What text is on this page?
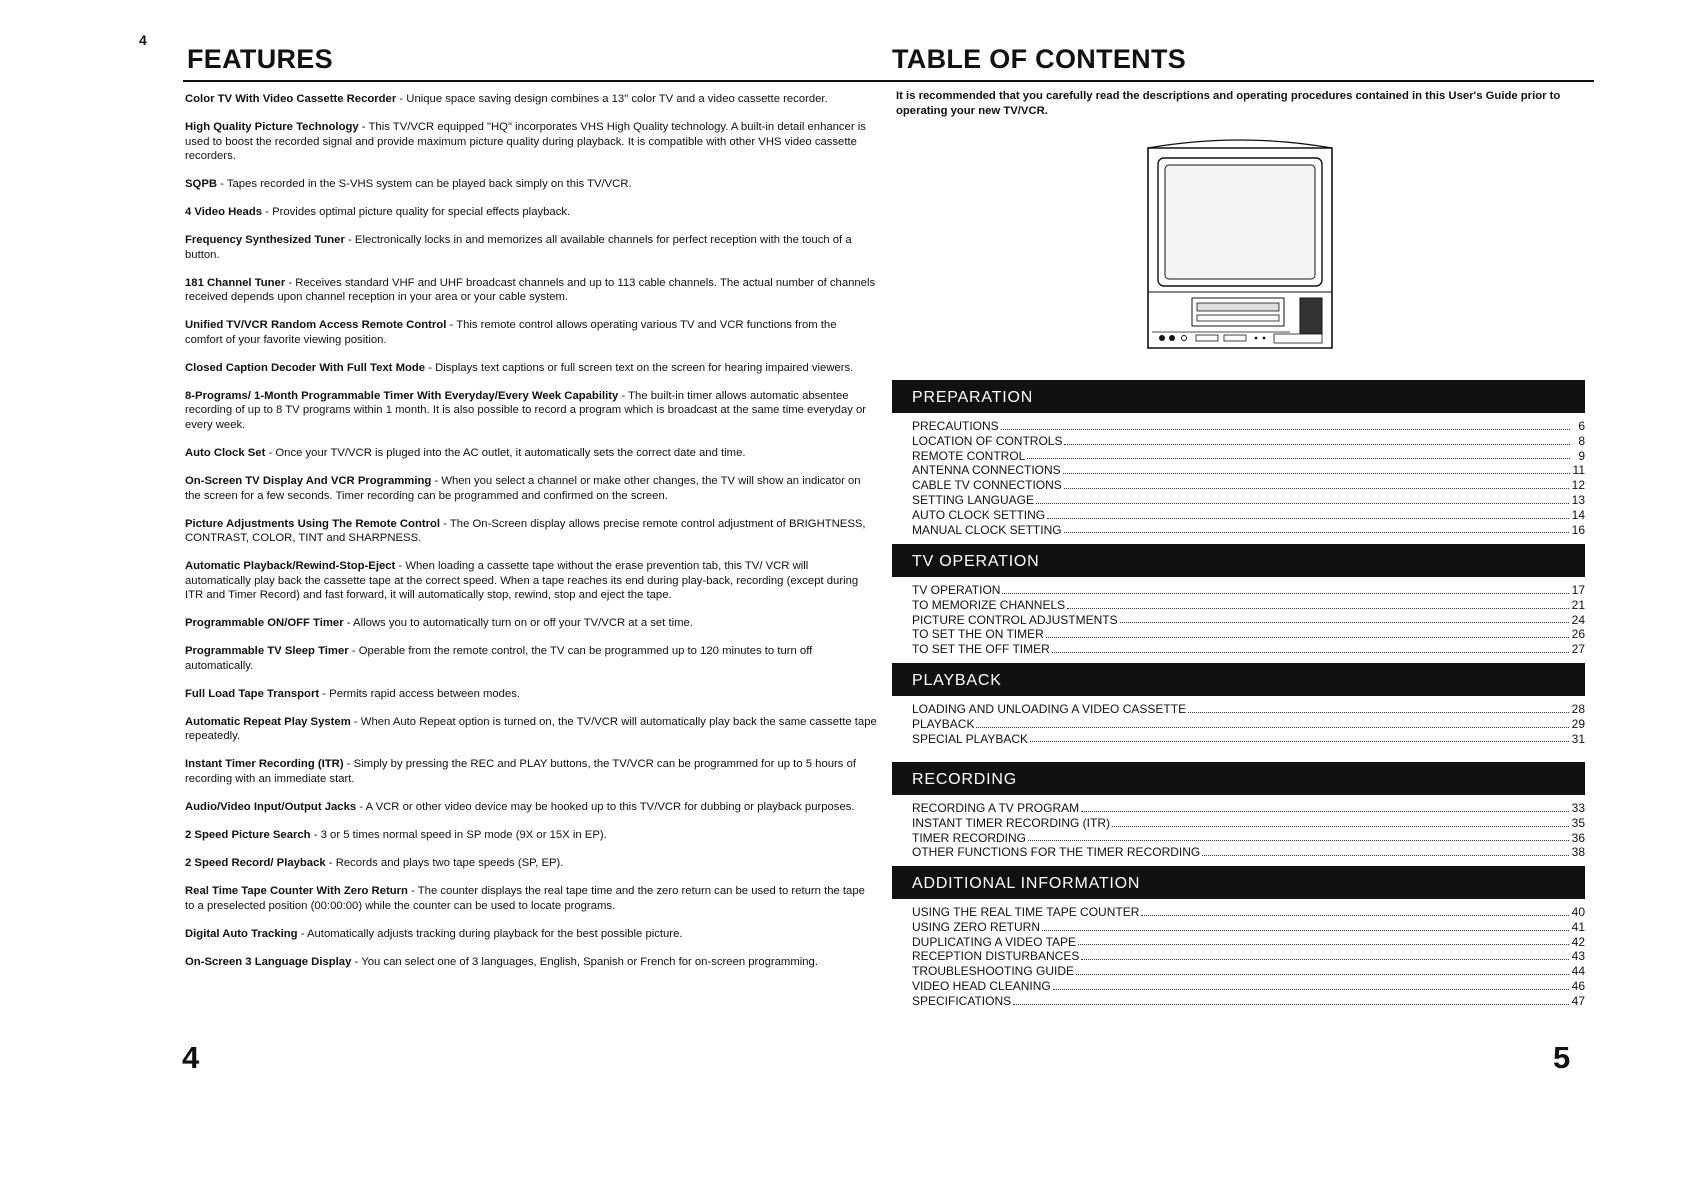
4
FEATURES	TABLE OF CONTENTS

Color TV With Video Cassette Recorder - Unique space saving design combines a 13" color TV and a video cassette recorder.

High Quality Picture Technology - This TV/VCR equipped "HQ" incorporates VHS High Quality technology. A built-in detail enhancer is used to boost the recorded signal and provide maximum picture quality during playback. It is compatible with other VHS video cassette recorders.

SQPB - Tapes recorded in the S-VHS system can be played back simply on this TV/VCR.

4 Video Heads - Provides optimal picture quality for special effects playback.

Frequency Synthesized Tuner - Electronically locks in and memorizes all available channels for perfect reception with the touch of a button.

181 Channel Tuner - Receives standard VHF and UHF broadcast channels and up to 113 cable channels. The actual number of channels received depends upon channel reception in your area or your cable system.

Unified TV/VCR Random Access Remote Control - This remote control allows operating various TV and VCR functions from the comfort of your favorite viewing position.

Closed Caption Decoder With Full Text Mode - Displays text captions or full screen text on the screen for hearing impaired viewers.

8-Programs/ 1-Month Programmable Timer With Everyday/Every Week Capability - The built-in timer allows automatic absentee recording of up to 8 TV programs within 1 month. It is also possible to record a program which is broadcast at the same time everyday or every week.

Auto Clock Set - Once your TV/VCR is pluged into the AC outlet, it automatically sets the correct date and time.

On-Screen TV Display And VCR Programming - When you select a channel or make other changes, the TV will show an indicator on the screen for a few seconds. Timer recording can be programmed and confirmed on the screen.

Picture Adjustments Using The Remote Control - The On-Screen display allows precise remote control adjustment of BRIGHTNESS, CONTRAST, COLOR, TINT and SHARPNESS.

Automatic Playback/Rewind-Stop-Eject - When loading a cassette tape without the erase prevention tab, this TV/ VCR will automatically play back the cassette tape at the correct speed. When a tape reaches its end during play-back, recording (except during ITR and Timer Record) and fast forward, it will automatically stop, rewind, stop and eject the tape.

Programmable ON/OFF Timer - Allows you to automatically turn on or off your TV/VCR at a set time.

Programmable TV Sleep Timer - Operable from the remote control, the TV can be programmed up to 120 minutes to turn off automatically.

Full Load Tape Transport - Permits rapid access between modes.

Automatic Repeat Play System - When Auto Repeat option is turned on, the TV/VCR will automatically play back the same cassette tape repeatedly.

Instant Timer Recording (ITR) - Simply by pressing the REC and PLAY buttons, the TV/VCR can be programmed for up to 5 hours of recording with an immediate start.

Audio/Video Input/Output Jacks - A VCR or other video device may be hooked up to this TV/VCR for dubbing or playback purposes.

2 Speed Picture Search - 3 or 5 times normal speed in SP mode (9X or 15X in EP).

2 Speed Record/ Playback - Records and plays two tape speeds (SP, EP).

Real Time Tape Counter With Zero Return - The counter displays the real tape time and the zero return can be used to return the tape to a preselected position (00:00:00) while the counter can be used to locate programs.

Digital Auto Tracking - Automatically adjusts tracking during playback for the best possible picture.

On-Screen 3 Language Display - You can select one of 3 languages, English, Spanish or French for on-screen programming.

It is recommended that you carefully read the descriptions and operating procedures contained in this User's Guide prior to operating your new TV/VCR.
PREPARATION
PRECAUTIONS	6
LOCATION OF CONTROLS	8
REMOTE CONTROL	9
ANTENNA CONNECTIONS	11
CABLE TV CONNECTIONS	12
SETTING LANGUAGE	13
AUTO CLOCK SETTING	14
MANUAL CLOCK SETTING	16
TV OPERATION
TV OPERATION	17
TO MEMORIZE CHANNELS	21
PICTURE CONTROL ADJUSTMENTS	24
TO SET THE ON TIMER	26
TO SET THE OFF TIMER	27
PLAYBACK
LOADING AND UNLOADING A VIDEO CASSETTE	28
PLAYBACK	29
SPECIAL PLAYBACK	31
RECORDING
RECORDING A TV PROGRAM	33
INSTANT TIMER RECORDING (ITR)	35
TIMER RECORDING	36
OTHER FUNCTIONS FOR THE TIMER RECORDING	38
ADDITIONAL INFORMATION
USING THE REAL TIME TAPE COUNTER	40
USING ZERO RETURN	41
DUPLICATING A VIDEO TAPE	42
RECEPTION DISTURBANCES	43
TROUBLESHOOTING GUIDE	44
VIDEO HEAD CLEANING	46
SPECIFICATIONS	47
4	5
